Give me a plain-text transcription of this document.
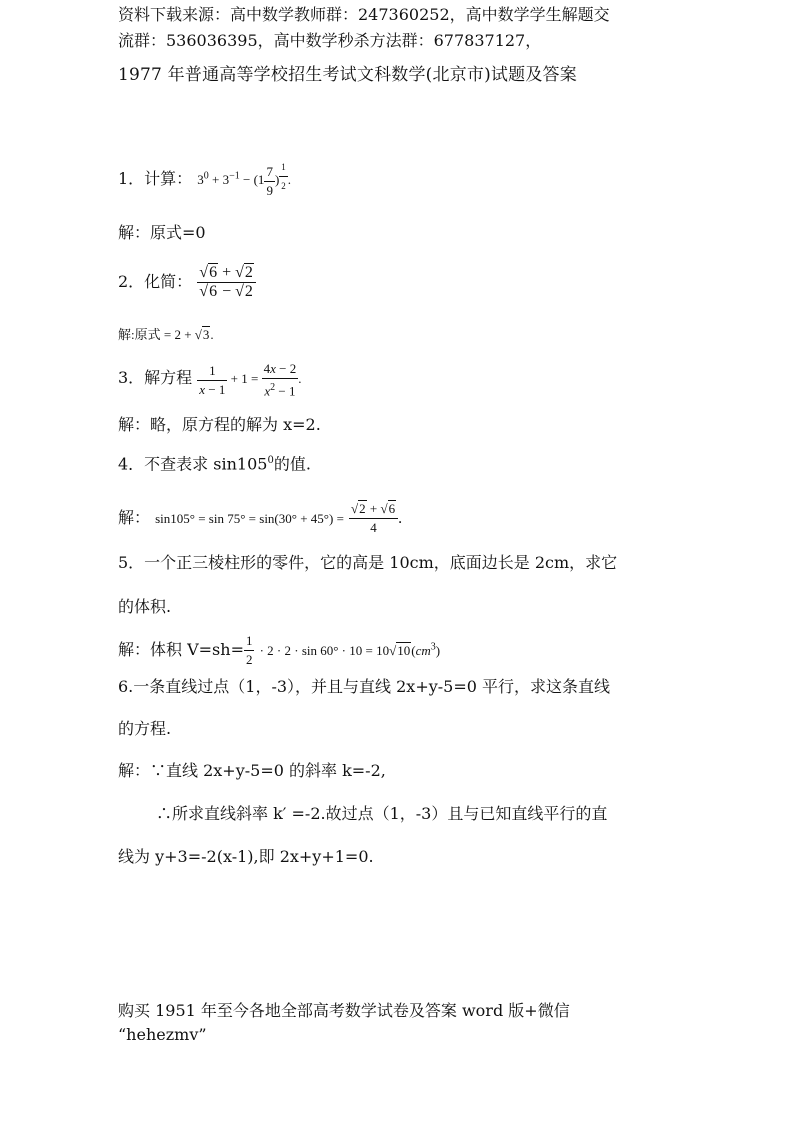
资料下载来源：高中数学教师群：247360252，高中数学学生解题交
流群：536036395，高中数学秒杀方法群：677837127，
1977 年普通高等学校招生考试文科数学(北京市)试题及答案
1．计算： $3^0 + 3^{-1} - (1 \frac{7}{9}$ ) $^{\frac{1}{2}}$ .
解：原式=0
2．化简： $\frac{√6 + √2}{√6 - √2}$
解:原式 = 2 + √3.
3．解方程 $\frac{1}{x - 1} + 1 = \frac{4x - 2}{x^2 - 1}$ .
解：略，原方程的解为 x=2.
4．不查表求 $\sin 105^0$的值.
解： $\sin 105^\circ = \sin 75^\circ = \sin(30^\circ + 45^\circ) = \frac{√2 + √6}{4}$ .
5．一个正三棱柱形的零件，它的高是 10cm，底面边长是 2cm，求它
的体积.
解：体积 $V=sh= \frac{1}{2} \cdot 2 \cdot 2 \cdot \sin 60^\circ \cdot 10 = 10√10(cm^3)$
6.一条直线过点（1，-3），并且与直线 2x+y-5=0 平行，求这条直线
的方程.
解：∵直线 2x+y-5=0 的斜率 k=-2,
∴所求直线斜率 k′ =-2.故过点（1，-3）且与已知直线平行的直
线为 y+3=-2(x-1),即 2x+y+1=0.
购买 1951 年至今各地全部高考数学试卷及答案 word 版+微信
“hehezmv”
